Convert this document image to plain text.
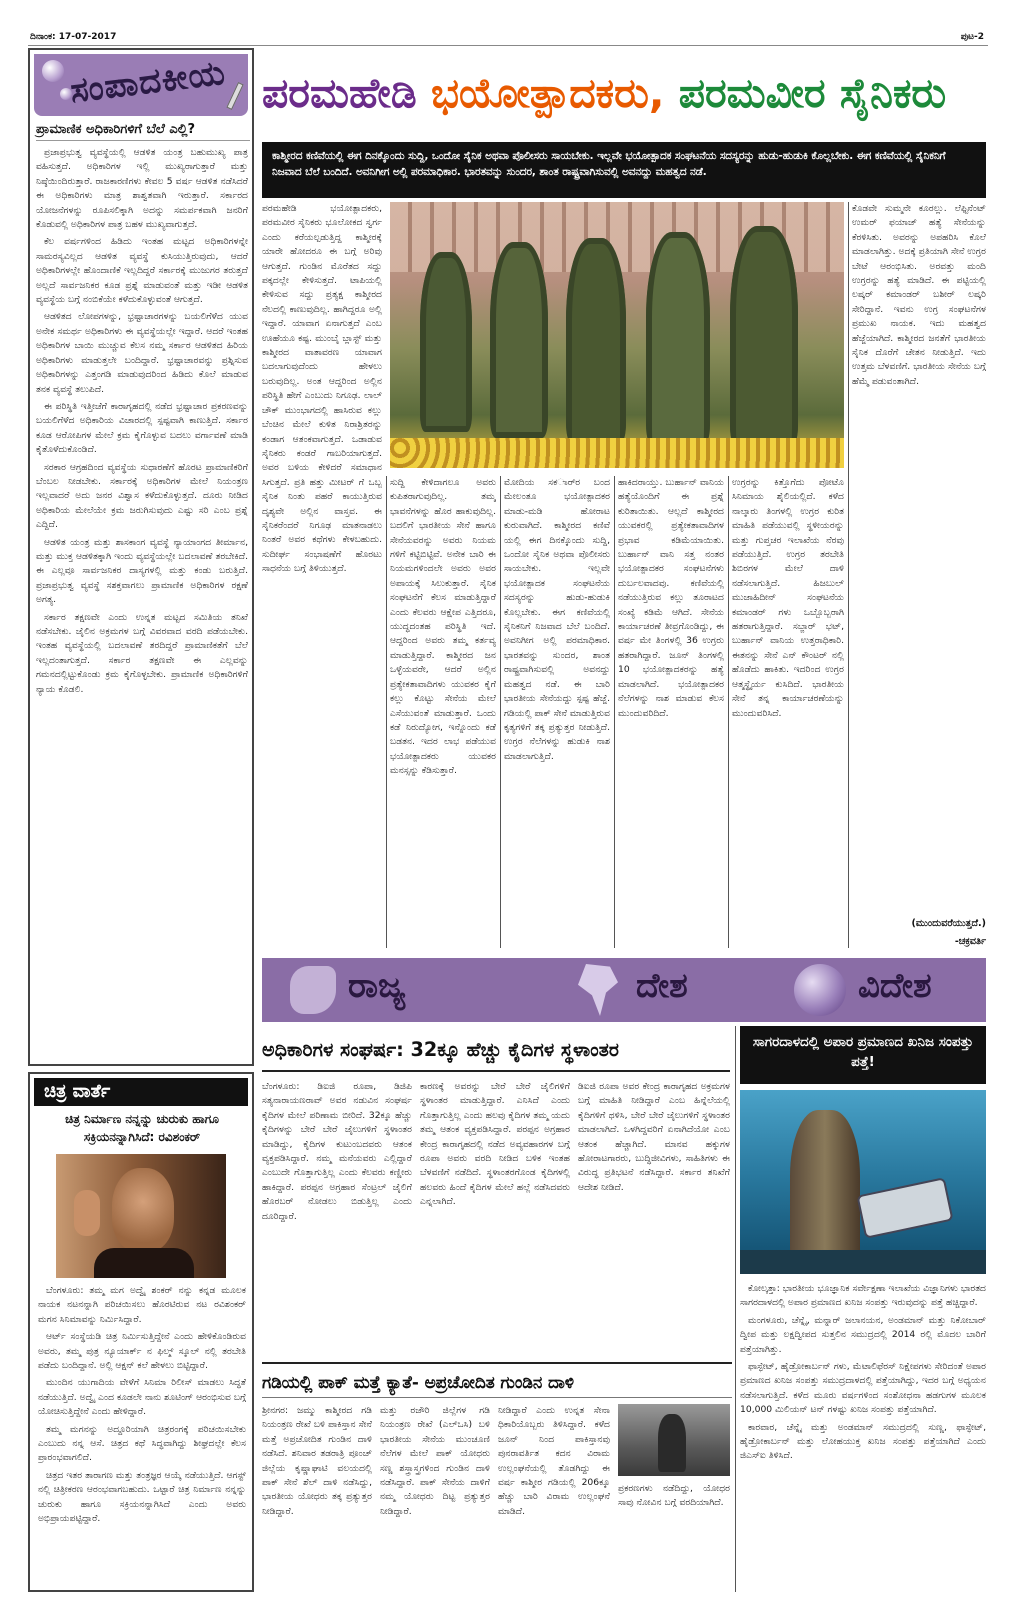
ದಿನಾಂಕ: 17-07-2017	ಪುಟ-2
ಸಂಪಾದಕೀಯ
ಪ್ರಾಮಾಣಿಕ ಅಧಿಕಾರಿಗಳಿಗೆ ಬೆಲೆ ಎಲ್ಲಿ?

ಪ್ರಜಾಪ್ರಭುತ್ವ ವ್ಯವಸ್ಥೆಯಲ್ಲಿ ಆಡಳಿತ ಯಂತ್ರ ಬಹುಮುಖ್ಯ ಪಾತ್ರ ವಹಿಸುತ್ತದೆ. ಅಧಿಕಾರಿಗಳ ಇಲ್ಲಿ ಮುಖ್ಯರಾಗುತ್ತಾರೆ ಮತ್ತು ನಿಷ್ಠೆಯಿಂದಿರುತ್ತಾರೆ. ರಾಜಕಾರಣಿಗಳು ಕೇವಲ 5 ವರ್ಷ ಆಡಳಿತ ನಡೆಸಿದರೆ ಈ ಅಧಿಕಾರಿಗಳು ಮಾತ್ರ ಶಾಶ್ವತವಾಗಿ ಇರುತ್ತಾರೆ. ಸರ್ಕಾರದ ಯೋಜನೆಗಳನ್ನು ರೂಪಿಸಲಿಕ್ಕಾಗಿ ಅದನ್ನು ಸಮರ್ಪಕವಾಗಿ ಜನರಿಗೆ ಕೊಡುವಲ್ಲಿ ಅಧಿಕಾರಿಗಳ ಪಾತ್ರ ಬಹಳ ಮುಖ್ಯವಾಗುತ್ತದೆ.

ಕೆಲ ವರ್ಷಗಳಿಂದ ಹಿಡಿದು ಇಂತಹ ಮಟ್ಟದ ಅಧಿಕಾರಿಗಳನ್ನೇ ಸಾಮರಸ್ಯವಿಲ್ಲದ ಆಡಳಿತ ವ್ಯವಸ್ಥೆ ಕುಸಿಯುತ್ತಿರುವುದು, ಆದರೆ ಅಧಿಕಾರಿಗಳಲ್ಲೇ ಹೊಂದಾಣಿಕೆ ಇಲ್ಲದಿದ್ದರೆ ಸರ್ಕಾರಕ್ಕೆ ಮುಜುಗರ ತರುತ್ತದೆ ಅಲ್ಲದೆ ಸಾರ್ವಜನಿಕರ ಕೂಡ ಪ್ರಶ್ನೆ ಮಾಡುವಂತೆ ಮತ್ತು ಇಡೀ ಆಡಳಿತ ವ್ಯವಸ್ಥೆಯ ಬಗ್ಗೆ ನಂಬಿಕೆಯೇ ಕಳೆದುಕೊಳ್ಳುವಂತೆ ಆಗುತ್ತದೆ.

ಆಡಳಿತದ ಲೋಪಗಳನ್ನು, ಭ್ರಷ್ಟಾಚಾರಗಳನ್ನು ಬಯಲಿಗೆಳೆದ ಯುವ ಅನೇಕ ಸಮರ್ಥ ಅಧಿಕಾರಿಗಳು ಈ ವ್ಯವಸ್ಥೆಯಲ್ಲೇ ಇದ್ದಾರೆ. ಆದರೆ ಇಂತಹ ಅಧಿಕಾರಿಗಳ ಬಾಯಿ ಮುಚ್ಚುವ ಕೆಲಸ ನಮ್ಮ ಸರ್ಕಾರ ಆಡಳಿತದ ಹಿರಿಯ ಅಧಿಕಾರಿಗಳು ಮಾಡುತ್ತಲೇ ಬಂದಿದ್ದಾರೆ. ಭ್ರಷ್ಟಾಚಾರವನ್ನು ಪ್ರಶ್ನಿಸುವ ಅಧಿಕಾರಿಗಳನ್ನು ಎತ್ತಂಗಡಿ ಮಾಡುವುದರಿಂದ ಹಿಡಿದು ಕೊಲೆ ಮಾಡುವ ತನಕ ವ್ಯವಸ್ಥೆ ತಲುಪಿದೆ.

ಈ ಪರಿಸ್ಥಿತಿ ಇತ್ತೀಚೆಗೆ ಕಾರಾಗೃಹದಲ್ಲಿ ನಡೆದ ಭ್ರಷ್ಟಾಚಾರ ಪ್ರಕರಣವನ್ನು ಬಯಲಿಗೆಳೆದ ಅಧಿಕಾರಿಯ ವಿಚಾರದಲ್ಲಿ ಸ್ಪಷ್ಟವಾಗಿ ಕಾಣುತ್ತಿದೆ. ಸರ್ಕಾರ ಕೂಡ ಆರೋಪಿಗಳ ಮೇಲೆ ಕ್ರಮ ಕೈಗೊಳ್ಳುವ ಬದಲು ವರ್ಗಾವಣೆ ಮಾಡಿ ಕೈತೊಳೆದುಕೊಂಡಿದೆ.

ಸರಕಾರ ಆಗ್ರಹದಿಂದ ವ್ಯವಸ್ಥೆಯ ಸುಧಾರಣೆಗೆ ಹೊರಟ ಪ್ರಾಮಾಣಿಕರಿಗೆ ಬೆಂಬಲ ನೀಡಬೇಕು. ಸರ್ಕಾರಕ್ಕೆ ಅಧಿಕಾರಿಗಳ ಮೇಲೆ ನಿಯಂತ್ರಣ ಇಲ್ಲವಾದರೆ ಅದು ಜನರ ವಿಶ್ವಾಸ ಕಳೆದುಕೊಳ್ಳುತ್ತದೆ. ದೂರು ನೀಡಿದ ಅಧಿಕಾರಿಯ ಮೇಲೆಯೇ ಕ್ರಮ ಜರುಗಿಸುವುದು ಎಷ್ಟು ಸರಿ ಎಂಬ ಪ್ರಶ್ನೆ ಎದ್ದಿದೆ.

ಆಡಳಿತ ಯಂತ್ರ ಮತ್ತು ಶಾಸಕಾಂಗ ವ್ಯವಸ್ಥೆ ನ್ಯಾಯಾಂಗದ ತೀರ್ಮಾನ, ಮತ್ತು ಮುಕ್ತ ಆಡಳಿತಕ್ಕಾಗಿ ಇಂದು ವ್ಯವಸ್ಥೆಯಲ್ಲೇ ಬದಲಾವಣೆ ತರಬೇಕಿದೆ. ಈ ಎಲ್ಲವೂ ಸಾರ್ವಜನಿಕರ ದಾಸ್ಯಗಳಲ್ಲಿ ಮತ್ತು ಕಂಡು ಬರುತ್ತಿದೆ. ಪ್ರಜಾಪ್ರಭುತ್ವ ವ್ಯವಸ್ಥೆ ಸಶಕ್ತವಾಗಲು ಪ್ರಾಮಾಣಿಕ ಅಧಿಕಾರಿಗಳ ರಕ್ಷಣೆ ಅಗತ್ಯ.

ಸರ್ಕಾರ ತಕ್ಷಣವೇ ಎಂದು ಉನ್ನತ ಮಟ್ಟದ ಸಮಿತಿಯ ತನಿಖೆ ನಡೆಸಬೇಕು. ಜೈಲಿನ ಅಕ್ರಮಗಳ ಬಗ್ಗೆ ವಿವರವಾದ ವರದಿ ಪಡೆಯಬೇಕು. ಇಂತಹ ವ್ಯವಸ್ಥೆಯಲ್ಲಿ ಬದಲಾವಣೆ ತರದಿದ್ದರೆ ಪ್ರಾಮಾಣಿಕತೆಗೆ ಬೆಲೆ ಇಲ್ಲದಂತಾಗುತ್ತದೆ. ಸರ್ಕಾರ ತಕ್ಷಣವೇ ಈ ಎಲ್ಲವನ್ನು ಗಮನದಲ್ಲಿಟ್ಟುಕೊಂಡು ಕ್ರಮ ಕೈಗೊಳ್ಳಬೇಕು. ಪ್ರಾಮಾಣಿಕ ಅಧಿಕಾರಿಗಳಿಗೆ ನ್ಯಾಯ ಕೊಡಲಿ.

ಚಿತ್ರ ವಾರ್ತೆ
ಚಿತ್ರ ನಿರ್ಮಾಣ ನನ್ನನ್ನು ಚುರುಕು ಹಾಗೂ ಸಕ್ರಿಯನನ್ನಾಗಿಸಿದೆ: ರವಿಶಂಕರ್

ಬೆಂಗಳೂರು: ತಮ್ಮ ಮಗ ಅದ್ವೈ ಶಂಕರ್ ನನ್ನು ಕನ್ನಡ ಮೂಲಕ ನಾಯಕ ನಟನನ್ನಾಗಿ ಪರಿಚಯಿಸಲು ಹೊರಟಿರುವ ನಟ ರವಿಶಂಕರ್ ಮಗನ ಸಿನಿಮಾವನ್ನು ನಿರ್ಮಿಸಿದ್ದಾರೆ.

ಆರ್ಟ್ ಸಂಸ್ಥೆಯಡಿ ಚಿತ್ರ ನಿರ್ಮಿಸುತ್ತಿದ್ದೇನೆ ಎಂದು ಹೇಳಿಕೊಂಡಿರುವ ಅವರು, ತಮ್ಮ ಪುತ್ರ ನ್ಯೂಯಾರ್ಕ್ ನ ಫಿಲ್ಮ್ ಸ್ಕೂಲ್ ನಲ್ಲಿ ತರಬೇತಿ ಪಡೆದು ಬಂದಿದ್ದಾನೆ. ಅಲ್ಲಿ ಆಕ್ಷನ್ ಕಲೆ ಹೇಳಲು ಬಿಟ್ಟಿದ್ದಾರೆ.

ಮುಂದಿನ ಯುಗಾದಿಯ ವೇಳೆಗೆ ಸಿನಿಮಾ ರಿಲೀಸ್ ಮಾಡಲು ಸಿದ್ಧತೆ ನಡೆಯುತ್ತಿದೆ. ಅದ್ವೈ ಎಂದ ಕೂಡಲೇ ನಾನು ಶೂಟಿಂಗ್ ಆರಂಭಿಸುವ ಬಗ್ಗೆ ಯೋಚಿಸುತ್ತಿದ್ದೇನೆ ಎಂದು ಹೇಳಿದ್ದಾರೆ.

ತಮ್ಮ ಮಗನನ್ನು ಅದ್ದೂರಿಯಾಗಿ ಚಿತ್ರರಂಗಕ್ಕೆ ಪರಿಚಯಿಸಬೇಕು ಎಂಬುದು ನನ್ನ ಆಸೆ. ಚಿತ್ರದ ಕಥೆ ಸಿದ್ಧವಾಗಿದ್ದು ಶೀಘ್ರದಲ್ಲೇ ಕೆಲಸ ಪ್ರಾರಂಭವಾಗಲಿದೆ.

ಚಿತ್ರದ ಇತರ ತಾರಾಗಣ ಮತ್ತು ತಂತ್ರಜ್ಞರ ಆಯ್ಕೆ ನಡೆಯುತ್ತಿದೆ. ಆಗಸ್ಟ್ ನಲ್ಲಿ ಚಿತ್ರೀಕರಣ ಆರಂಭವಾಗಬಹುದು. ಒಟ್ಟಾರೆ ಚಿತ್ರ ನಿರ್ಮಾಣ ನನ್ನನ್ನು ಚುರುಕು ಹಾಗೂ ಸಕ್ರಿಯನನ್ನಾಗಿಸಿದೆ ಎಂದು ಅವರು ಅಭಿಪ್ರಾಯಪಟ್ಟಿದ್ದಾರೆ.

ಪರಮಹೇಡಿ ಭಯೋತ್ಪಾದಕರು, ಪರಮವೀರ ಸೈನಿಕರು
ಕಾಶ್ಮೀರದ ಕಣಿವೆಯಲ್ಲಿ ಈಗ ದಿನಕ್ಕೊಂದು ಸುದ್ದಿ, ಒಂದೋ ಸೈನಿಕ ಅಥವಾ ಪೊಲೀಸರು ಸಾಯಬೇಕು. ಇಲ್ಲವೇ ಭಯೋತ್ಪಾದಕ ಸಂಘಟನೆಯ ಸದಸ್ಯರನ್ನು ಹುಡು-ಹುಡುಕಿ ಕೊಲ್ಲಬೇಕು. ಈಗ ಕಣಿವೆಯಲ್ಲಿ ಸೈನಿಕನಿಗೆ ನಿಜವಾದ ಬೆಲೆ ಬಂದಿದೆ. ಅವನಿಗೀಗ ಅಲ್ಲಿ ಪರಮಾಧಿಕಾರ. ಭಾರತವನ್ನು ಸುಂದರ, ಶಾಂತ ರಾಷ್ಟ್ರವಾಗಿಸುವಲ್ಲಿ ಅವನದ್ದು ಮಹತ್ವದ ನಡೆ.
ಪರಮಹೇಡಿ ಭಯೋತ್ಪಾದಕರು, ಪರಮವೀರ ಸೈನಿಕರು ಭೂಲೋಕದ ಸ್ವರ್ಗ ಎಂದು ಕರೆಯಲ್ಪಡುತ್ತಿದ್ದ ಕಾಶ್ಮೀರಕ್ಕೆ ಯಾರೇ ಹೋದರೂ ಈ ಬಗ್ಗೆ ಅರಿವು ಆಗುತ್ತದೆ. ಗುಂಡಿನ ಮೊರೆತದ ಸದ್ದು ಪಕ್ಕದಲ್ಲೇ ಕೇಳಿಸುತ್ತದೆ. ಟಾಪಿಯಲ್ಲಿ ಕೇಳಿಸುವ ಸದ್ದು ಪ್ರತ್ಯಕ್ಷ ಕಾಶ್ಮೀರದ ನೆಲದಲ್ಲಿ ಕಾಣುವುದಿಲ್ಲ. ಹಾಗಿದ್ದರೂ ಅಲ್ಲಿ ಇದ್ದಾರೆ. ಯಾವಾಗ ಏನಾಗುತ್ತದೆ ಎಂಬ ಊಹೆಯೂ ಕಷ್ಟ. ಮುಂಬೈ ಬ್ಲಾಸ್ಟ್ ಮತ್ತು ಕಾಶ್ಮೀರದ ವಾತಾವರಣ ಯಾವಾಗ ಬದಲಾಗುವುದೆಂದು ಹೇಳಲು ಬರುವುದಿಲ್ಲ. ಅಂತ ಆದ್ದರಿಂದ ಅಲ್ಲಿನ ಪರಿಸ್ಥಿತಿ ಹೇಗೆ ಎಂಬುದು ನಿಗೂಢ. ಲಾಲ್ ಚೌಕ್ ಮುಂಭಾಗದಲ್ಲಿ ಹಾಸಿರುವ ಕಲ್ಲು ಬೆಂಚಿನ ಮೇಲೆ ಕುಳಿತ ನಿರಾಶ್ರಿತರನ್ನು ಕಂಡಾಗ ಆತಂಕವಾಗುತ್ತದೆ. ಒಡಾಡುವ ಸೈನಿಕರು ಕಂಡರೆ ಗಾಬರಿಯಾಗುತ್ತದೆ. ಅವರ ಬಳಿಯ ಕೇಳಿದರೆ ಸಮಾಧಾನ ಸಿಗುತ್ತದೆ. ಪ್ರತಿ ಹತ್ತು ಮೀಟರ್ ಗೆ ಒಬ್ಬ ಸೈನಿಕ ನಿಂತು ಪಹರೆ ಕಾಯುತ್ತಿರುವ ದೃಶ್ಯವೇ ಅಲ್ಲಿನ ವಾಸ್ತವ. ಈ ಸೈನಿಕರೆಂದರೆ ನಿಗೂಢ ಮಾತನಾಡಲು ನಿಂತರೆ ಅವರ ಕಥೆಗಳು ಕೇಳಬಹುದು. ಸುದೀರ್ಘ ಸಂಭಾಷಣೆಗೆ ಹೊರಟು ಸಾಧನೆಯ ಬಗ್ಗೆ ತಿಳಿಯುತ್ತದೆ.
ಸುದ್ದಿ ಕೇಳಿದಾಗಲೂ ಅವರು ಕುಪಿತರಾಗುವುದಿಲ್ಲ. ತಮ್ಮ ಭಾವನೆಗಳನ್ನು ಹೊರ ಹಾಕುವುದಿಲ್ಲ. ಬದಲಿಗೆ ಭಾರತೀಯ ಸೇನೆ ಹಾಗೂ ಸೇನೆಯವರನ್ನು ಅವರು ನಿಯಮ ಗಳಿಗೆ ಕಟ್ಟಿಬಿಟ್ಟಿವೆ. ಅನೇಕ ಬಾರಿ ಈ ನಿಯಮಗಳಿಂದಲೇ ಅವರು ಅವರ ಅಪಾಯಕ್ಕೆ ಸಿಲುಕುತ್ತಾರೆ. ಸೈನಿಕ ಸಂಘಟನೆಗೆ ಕೆಲಸ ಮಾಡುತ್ತಿದ್ದಾರೆ ಎಂದು ಕೆಲವರು ಆಕ್ಷೇಪ ಎತ್ತಿದರೂ, ಯುದ್ಧದಂತಹ ಪರಿಸ್ಥಿತಿ ಇದೆ. ಆದ್ದರಿಂದ ಅವರು ತಮ್ಮ ಕರ್ತವ್ಯ ಮಾಡುತ್ತಿದ್ದಾರೆ. ಕಾಶ್ಮೀರದ ಜನ ಒಳ್ಳೆಯವರೇ, ಆದರೆ ಅಲ್ಲಿನ ಪ್ರತ್ಯೇಕತಾವಾದಿಗಳು ಯುವಕರ ಕೈಗೆ ಕಲ್ಲು ಕೊಟ್ಟು ಸೇನೆಯ ಮೇಲೆ ಎಸೆಯುವಂತೆ ಮಾಡುತ್ತಾರೆ. ಒಂದು ಕಡೆ ನಿರುದ್ಯೋಗ, ಇನ್ನೊಂದು ಕಡೆ ಬಡತನ. ಇದರ ಲಾಭ ಪಡೆಯುವ ಭಯೋತ್ಪಾದಕರು ಯುವಕರ ಮನಸ್ಸನ್ನು ಕೆಡಿಸುತ್ತಾರೆ.
ಮೋದಿಯ ಸಕರ್ಾರ ಬಂದ ಮೇಲಂತೂ ಭಯೋತ್ಪಾದಕರ ಮಾಡು-ಮಡಿ ಹೋರಾಟ ಕುರುವಾಗಿದೆ. ಕಾಶ್ಮೀರದ ಕಣಿವೆ ಯಲ್ಲಿ ಈಗ ದಿನಕ್ಕೊಂದು ಸುದ್ದಿ, ಒಂದೋ ಸೈನಿಕ ಅಥವಾ ಪೊಲೀಸರು ಸಾಯಬೇಕು. ಇಲ್ಲವೇ ಭಯೋತ್ಪಾದಕ ಸಂಘಟನೆಯ ಸದಸ್ಯರನ್ನು ಹುಡು-ಹುಡುಕಿ ಕೊಲ್ಲಬೇಕು. ಈಗ ಕಣಿವೆಯಲ್ಲಿ ಸೈನಿಕನಿಗೆ ನಿಜವಾದ ಬೆಲೆ ಬಂದಿದೆ. ಅವನಿಗೀಗ ಅಲ್ಲಿ ಪರಮಾಧಿಕಾರ. ಭಾರತವನ್ನು ಸುಂದರ, ಶಾಂತ ರಾಷ್ಟ್ರವಾಗಿಸುವಲ್ಲಿ ಅವನದ್ದು ಮಹತ್ವದ ನಡೆ. ಈ ಬಾರಿ ಭಾರತೀಯ ಸೇನೆಯದ್ದು ಸ್ಪಷ್ಟ ಹೆಜ್ಜೆ. ಗಡಿಯಲ್ಲಿ ಪಾಕ್ ಸೇನೆ ಮಾಡುತ್ತಿರುವ ಕೃತ್ಯಗಳಿಗೆ ತಕ್ಕ ಪ್ರತ್ಯುತ್ತರ ನೀಡುತ್ತಿದೆ. ಉಗ್ರರ ನೆಲೆಗಳನ್ನು ಹುಡುಕಿ ನಾಶ ಮಾಡಲಾಗುತ್ತಿದೆ.
ಹಾಕಿದರಾಯ್ತು. ಬುರ್ಹಾನ್ ವಾನಿಯ ಹತ್ಯೆಯೊಂದಿಗೆ ಈ ಪ್ರಶ್ನೆ ಕುರಿತಾಯಿತು. ಆಲ್ಲದೆ ಕಾಶ್ಮೀರದ ಯುವಕರಲ್ಲಿ ಪ್ರತ್ಯೇಕತಾವಾದಿಗಳ ಪ್ರಭಾವ ಕಡಿಮೆಯಾಯಿತು. ಬುರ್ಹಾನ್ ವಾನಿ ಸತ್ತ ನಂತರ ಭಯೋತ್ಪಾದಕರ ಸಂಘಟನೆಗಳು ದುರ್ಬಲವಾದವು. ಕಣಿವೆಯಲ್ಲಿ ನಡೆಯುತ್ತಿರುವ ಕಲ್ಲು ತೂರಾಟದ ಸಂಖ್ಯೆ ಕಡಿಮೆ ಆಗಿದೆ. ಸೇನೆಯ ಕಾರ್ಯಾಚರಣೆ ತೀವ್ರಗೊಂಡಿದ್ದು, ಈ ವರ್ಷ ಮೇ ತಿಂಗಳಲ್ಲಿ 36 ಉಗ್ರರು ಹತರಾಗಿದ್ದಾರೆ. ಜೂನ್ ತಿಂಗಳಲ್ಲಿ 10 ಭಯೋತ್ಪಾದಕರನ್ನು ಹತ್ಯೆ ಮಾಡಲಾಗಿದೆ. ಭಯೋತ್ಪಾದಕರ ನೆಲೆಗಳನ್ನು ನಾಶ ಮಾಡುವ ಕೆಲಸ ಮುಂದುವರಿದಿದೆ.
ಉಗ್ರರನ್ನು ಕಿತ್ತೊಗೆದು ಪೋಟೊ ಸಿನಿಮಾಯ ಶೈಲಿಯಲ್ಲಿದೆ. ಕಳೆದ ನಾಲ್ಕಾರು ತಿಂಗಳಲ್ಲಿ ಉಗ್ರರ ಕುರಿತ ಮಾಹಿತಿ ಪಡೆಯುವಲ್ಲಿ ಸ್ಥಳೀಯರನ್ನು ಮತ್ತು ಗುಪ್ತಚರ ಇಲಾಖೆಯ ನೆರವು ಪಡೆಯುತ್ತಿದೆ. ಉಗ್ರರ ತರಬೇತಿ ಶಿಬಿರಗಳ ಮೇಲೆ ದಾಳಿ ನಡೆಸಲಾಗುತ್ತಿದೆ. ಹಿಜಬುಲ್ ಮುಜಾಹಿದೀನ್ ಸಂಘಟನೆಯ ಕಮಾಂಡರ್ ಗಳು ಒಬ್ಬೊಬ್ಬರಾಗಿ ಹತರಾಗುತ್ತಿದ್ದಾರೆ. ಸಬ್ಜಾರ್ ಭಟ್, ಬುರ್ಹಾನ್ ವಾನಿಯ ಉತ್ತರಾಧಿಕಾರಿ. ಈತನನ್ನು ಸೇನೆ ಎನ್ ಕೌಂಟರ್ ನಲ್ಲಿ ಹೊಡೆದು ಹಾಕಿತು. ಇದರಿಂದ ಉಗ್ರರ ಆತ್ಮಸ್ಥೈರ್ಯ ಕುಸಿದಿದೆ. ಭಾರತೀಯ ಸೇನೆ ತನ್ನ ಕಾರ್ಯಾಚರಣೆಯನ್ನು ಮುಂದುವರಿಸಿದೆ.
ಕೊಡವೇ ಸುಮ್ಮನೇ ಕೂರಲ್ಲು. ಲೆಫ್ಟಿನೆಂಟ್ ಉಮರ್ ಫಯಾಜ್ ಹತ್ಯೆ ಸೇನೆಯನ್ನು ಕೆರಳಿಸಿತು. ಅವರನ್ನು ಅಪಹರಿಸಿ ಕೊಲೆ ಮಾಡಲಾಗಿತ್ತು. ಅದಕ್ಕೆ ಪ್ರತಿಯಾಗಿ ಸೇನೆ ಉಗ್ರರ ಬೇಟೆ ಆರಂಭಿಸಿತು. ಅರವತ್ತು ಮಂದಿ ಉಗ್ರರನ್ನು ಹತ್ಯೆ ಮಾಡಿದೆ. ಈ ಪಟ್ಟಿಯಲ್ಲಿ ಲಷ್ಕರ್ ಕಮಾಂಡರ್ ಬಶೀರ್ ಲಷ್ಕರಿ ಸೇರಿದ್ದಾನೆ. ಇವನು ಉಗ್ರ ಸಂಘಟನೆಗಳ ಪ್ರಮುಖ ನಾಯಕ. ಇದು ಮಹತ್ವದ ಹೆಜ್ಜೆಯಾಗಿದೆ. ಕಾಶ್ಮೀರದ ಜನತೆಗೆ ಭಾರತೀಯ ಸೈನಿಕ ದೊರೆಗೆ ಚೇತನ ನೀಡುತ್ತಿದೆ. ಇದು ಉತ್ತಮ ಬೆಳವಣಿಗೆ. ಭಾರತೀಯ ಸೇನೆಯ ಬಗ್ಗೆ ಹೆಮ್ಮೆ ಪಡುವಂತಾಗಿದೆ.
(ಮುಂದುವರೆಯುತ್ತದೆ.)
-ಚಕ್ರವರ್ತಿ
ರಾಜ್ಯ	ದೇಶ	ವಿದೇಶ
ಅಧಿಕಾರಿಗಳ ಸಂಘರ್ಷ: 32ಕ್ಕೂ ಹೆಚ್ಚು ಕೈದಿಗಳ ಸ್ಥಳಾಂತರ
ಬೆಂಗಳೂರು: ಡಿಐಜಿ ರೂಪಾ, ಡಿಜಿಪಿ ಸತ್ಯನಾರಾಯಣರಾವ್ ಅವರ ನಡುವಿನ ಸಂಘರ್ಷ ಕೈದಿಗಳ ಮೇಲೆ ಪರಿಣಾಮ ಬೀರಿದೆ. 32ಕ್ಕೂ ಹೆಚ್ಚು ಕೈದಿಗಳನ್ನು ಬೇರೆ ಬೇರೆ ಜೈಲುಗಳಿಗೆ ಸ್ಥಳಾಂತರ ಮಾಡಿದ್ದು, ಕೈದಿಗಳ ಕುಟುಂಬದವರು ಆತಂಕ ವ್ಯಕ್ತಪಡಿಸಿದ್ದಾರೆ. ನಮ್ಮ ಮನೆಯವರು ಎಲ್ಲಿದ್ದಾರೆ ಎಂಬುದೇ ಗೊತ್ತಾಗುತ್ತಿಲ್ಲ ಎಂದು ಕೆಲವರು ಕಣ್ಣೀರು ಹಾಕಿದ್ದಾರೆ. ಪರಪ್ಪನ ಅಗ್ರಹಾರ ಸೆಂಟ್ರಲ್ ಜೈಲಿಗೆ ಹೊರಬರ್ ನೋಡಲು ಬಿಡುತ್ತಿಲ್ಲ ಎಂದು ದೂರಿದ್ದಾರೆ.
ಕಾರಣಕ್ಕೆ ಅವರನ್ನು ಬೇರೆ ಬೇರೆ ಜೈಲಿಗಳಿಗೆ ಸ್ಥಳಾಂತರ ಮಾಡುತ್ತಿದ್ದಾರೆ. ಎನಿಸಿದೆ ಎಂದು ಗೊತ್ತಾಗುತ್ತಿಲ್ಲ ಎಂದು ಹಲವು ಕೈದಿಗಳ ತಮ್ಮ ಯದು ತಮ್ಮ ಆತಂಕ ವ್ಯಕ್ತಪಡಿಸಿದ್ದಾರೆ. ಪರಪ್ಪನ ಅಗ್ರಹಾರ ಕೇಂದ್ರ ಕಾರಾಗೃಹದಲ್ಲಿ ನಡೆದ ಅವ್ಯವಹಾರಗಳ ಬಗ್ಗೆ ರೂಪಾ ಅವರು ವರದಿ ನೀಡಿದ ಬಳಿಕ ಇಂತಹ ಬೆಳವಣಿಗೆ ನಡೆದಿದೆ. ಸ್ಥಳಾಂತರಗೊಂಡ ಕೈದಿಗಳಲ್ಲಿ ಹಲವರು ಹಿಂದೆ ಕೈದಿಗಳ ಮೇಲೆ ಹಲ್ಲೆ ನಡೆಸಿದವರು ಎನ್ನಲಾಗಿದೆ.
ಡಿಐಜಿ ರೂಪಾ ಅವರ ಕೇಂದ್ರ ಕಾರಾಗೃಹದ ಅಕ್ರಮಗಳ ಬಗ್ಗೆ ಮಾಹಿತಿ ನೀಡಿದ್ದಾರೆ ಎಂಬ ಹಿನ್ನೆಲೆಯಲ್ಲಿ ಕೈದಿಗಳಿಗೆ ಥಳಿಸಿ, ಬೇರೆ ಬೇರೆ ಜೈಲುಗಳಿಗೆ ಸ್ಥಳಾಂತರ ಮಾಡಲಾಗಿದೆ. ಒಳಗಿದ್ದವರಿಗೆ ಏನಾಗಿದೆಯೋ ಎಂಬ ಆತಂಕ ಹೆಚ್ಚಾಗಿದೆ. ಮಾನವ ಹಕ್ಕುಗಳ ಹೋರಾಟಗಾರರು, ಬುದ್ಧಿಜೀವಿಗಳು, ಸಾಹಿತಿಗಳು ಈ ವಿರುದ್ಧ ಪ್ರತಿಭಟನೆ ನಡೆಸಿದ್ದಾರೆ. ಸರ್ಕಾರ ತನಿಖೆಗೆ ಆದೇಶ ನೀಡಿದೆ.
ಸಾಗರದಾಳದಲ್ಲಿ ಅಪಾರ ಪ್ರಮಾಣದ ಖನಿಜ ಸಂಪತ್ತು ಪತ್ತೆ!

ಕೋಲ್ಕತ್ತಾ: ಭಾರತೀಯ ಭೂಜ್ಞಾನಿಕ ಸರ್ವೇಕ್ಷಣಾ ಇಲಾಖೆಯ ವಿಜ್ಞಾನಿಗಳು ಭಾರತದ ಸಾಗರದಾಳದಲ್ಲಿ ಅಪಾರ ಪ್ರಮಾಣದ ಖನಿಜ ಸಂಪತ್ತು ಇರುವುದನ್ನು ಪತ್ತೆ ಹಚ್ಚಿದ್ದಾರೆ.

ಮಂಗಳೂರು, ಚೆನ್ನೈ, ಮನ್ನಾರ್ ಜಲಾನಯನ, ಅಂಡಮಾನ್ ಮತ್ತು ನಿಕೋಬಾರ್ ದ್ವೀಪ ಮತ್ತು ಲಕ್ಷದ್ವೀಪದ ಸುತ್ತಲಿನ ಸಮುದ್ರದಲ್ಲಿ 2014 ರಲ್ಲಿ ಮೊದಲ ಬಾರಿಗೆ ಪತ್ತೆಯಾಗಿತ್ತು.

ಫಾಸ್ಫೇಟ್, ಹೈಡ್ರೋಕಾರ್ಬನ್ ಗಳು, ಮೆಟಾಲಿಫೆರಸ್ ನಿಕ್ಷೇಪಗಳು ಸೇರಿದಂತೆ ಅಪಾರ ಪ್ರಮಾಣದ ಖನಿಜ ಸಂಪತ್ತು ಸಮುದ್ರದಾಳದಲ್ಲಿ ಪತ್ತೆಯಾಗಿದ್ದು, ಇದರ ಬಗ್ಗೆ ಅಧ್ಯಯನ ನಡೆಸಲಾಗುತ್ತಿದೆ. ಕಳೆದ ಮೂರು ವರ್ಷಗಳಿಂದ ಸಂಶೋಧನಾ ಹಡಗುಗಳ ಮೂಲಕ 10,000 ಮಿಲಿಯನ್ ಟನ್ ಗಳಷ್ಟು ಖನಿಜ ಸಂಪತ್ತು ಪತ್ತೆಯಾಗಿದೆ.

ಕಾರವಾರ, ಚೆನ್ನೈ ಮತ್ತು ಅಂಡಮಾನ್ ಸಮುದ್ರದಲ್ಲಿ ಸುಣ್ಣ, ಫಾಸ್ಫೇಟ್, ಹೈಡ್ರೋಕಾರ್ಬನ್ ಮತ್ತು ಲೋಹಯುಕ್ತ ಖನಿಜ ಸಂಪತ್ತು ಪತ್ತೆಯಾಗಿದೆ ಎಂದು ಜಿಎಸ್ಐ ತಿಳಿಸಿದೆ.

ಗಡಿಯಲ್ಲಿ ಪಾಕ್ ಮತ್ತೆ ಕ್ಯಾತೆ- ಅಪ್ರಚೋದಿತ ಗುಂಡಿನ ದಾಳಿ
ಶ್ರೀನಗರ: ಜಮ್ಮು ಕಾಶ್ಮೀರದ ಗಡಿ ನಿಯಂತ್ರಣ ರೇಖೆ ಬಳಿ ಪಾಕಿಸ್ತಾನ ಸೇನೆ ಮತ್ತೆ ಅಪ್ರಚೋದಿತ ಗುಂಡಿನ ದಾಳಿ ನಡೆಸಿದೆ. ಶನಿವಾರ ತಡರಾತ್ರಿ ಪೂಂಚ್ ಜಿಲ್ಲೆಯ ಕೃಷ್ಣಾಘಾಟಿ ವಲಯದಲ್ಲಿ ಪಾಕ್ ಸೇನೆ ಶೆಲ್ ದಾಳಿ ನಡೆಸಿದ್ದು, ಭಾರತೀಯ ಯೋಧರು ತಕ್ಕ ಪ್ರತ್ಯುತ್ತರ ನೀಡಿದ್ದಾರೆ.
ಮತ್ತು ರಜೌರಿ ಜಿಲ್ಲೆಗಳ ಗಡಿ ನಿಯಂತ್ರಣ ರೇಖೆ (ಎಲ್ಒಸಿ) ಬಳಿ ಭಾರತೀಯ ಸೇನೆಯ ಮುಂಚೂಣಿ ನೆಲೆಗಳ ಮೇಲೆ ಪಾಕ್ ಯೋಧರು ಸಣ್ಣ ಶಸ್ತ್ರಾಸ್ತ್ರಗಳಿಂದ ಗುಂಡಿನ ದಾಳಿ ನಡೆಸಿದ್ದಾರೆ. ಪಾಕ್ ಸೇನೆಯ ದಾಳಿಗೆ ನಮ್ಮ ಯೋಧರು ದಿಟ್ಟ ಪ್ರತ್ಯುತ್ತರ ನೀಡಿದ್ದಾರೆ.
ನೀಡಿದ್ದಾರೆ ಎಂದು ಉನ್ನತ ಸೇನಾ ಧಿಕಾರಿಯೊಬ್ಬರು ತಿಳಿಸಿದ್ದಾರೆ. ಕಳೆದ ಜೂನ್ ನಿಂದ ಪಾಕಿಸ್ತಾನವು ಪುನರಾವರ್ತಿತ ಕದನ ವಿರಾಮ ಉಲ್ಲಂಘನೆಯಲ್ಲಿ ತೊಡಗಿದ್ದು ಈ ವರ್ಷ ಕಾಶ್ಮೀರ ಗಡಿಯಲ್ಲಿ 206ಕ್ಕೂ ಹೆಚ್ಚು ಬಾರಿ ವಿರಾಮ ಉಲ್ಲಂಘನೆ ಮಾಡಿದೆ.
ಪ್ರಕರಣಗಳು ನಡೆದಿದ್ದು, ಯೋಧರ ಸಾವು ನೋವಿನ ಬಗ್ಗೆ ವರದಿಯಾಗಿದೆ.
